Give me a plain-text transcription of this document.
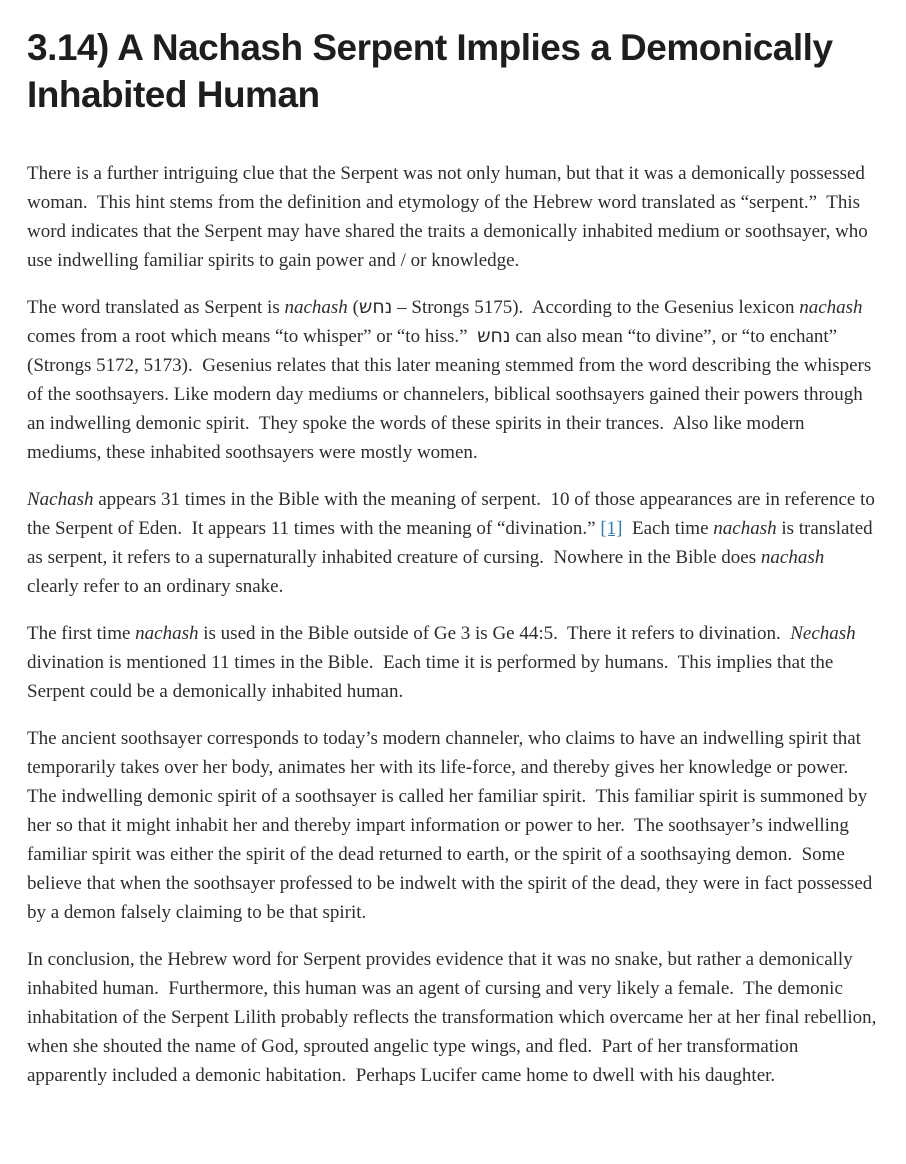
3.14) A Nachash Serpent Implies a Demonically Inhabited Human

There is a further intriguing clue that the Serpent was not only human, but that it was a demonically possessed woman.  This hint stems from the definition and etymology of the Hebrew word translated as “serpent.”  This word indicates that the Serpent may have shared the traits a demonically inhabited medium or soothsayer, who use indwelling familiar spirits to gain power and / or knowledge.

The word translated as Serpent is nachash (נחש – Strongs 5175).  According to the Gesenius lexicon nachash comes from a root which means “to whisper” or “to hiss.”  נחש can also mean “to divine”, or “to enchant” (Strongs 5172, 5173).  Gesenius relates that this later meaning stemmed from the word describing the whispers of the soothsayers. Like modern day mediums or channelers, biblical soothsayers gained their powers through an indwelling demonic spirit.  They spoke the words of these spirits in their trances.  Also like modern mediums, these inhabited soothsayers were mostly women.

Nachash appears 31 times in the Bible with the meaning of serpent.  10 of those appearances are in reference to the Serpent of Eden.  It appears 11 times with the meaning of “divination.” [1]  Each time nachash is translated as serpent, it refers to a supernaturally inhabited creature of cursing.  Nowhere in the Bible does nachash clearly refer to an ordinary snake.

The first time nachash is used in the Bible outside of Ge 3 is Ge 44:5.  There it refers to divination.  Nechash divination is mentioned 11 times in the Bible.  Each time it is performed by humans.  This implies that the Serpent could be a demonically inhabited human.

The ancient soothsayer corresponds to today’s modern channeler, who claims to have an indwelling spirit that temporarily takes over her body, animates her with its life-force, and thereby gives her knowledge or power.  The indwelling demonic spirit of a soothsayer is called her familiar spirit.  This familiar spirit is summoned by her so that it might inhabit her and thereby impart information or power to her.  The soothsayer’s indwelling familiar spirit was either the spirit of the dead returned to earth, or the spirit of a soothsaying demon.  Some believe that when the soothsayer professed to be indwelt with the spirit of the dead, they were in fact possessed by a demon falsely claiming to be that spirit.

In conclusion, the Hebrew word for Serpent provides evidence that it was no snake, but rather a demonically inhabited human.  Furthermore, this human was an agent of cursing and very likely a female.  The demonic inhabitation of the Serpent Lilith probably reflects the transformation which overcame her at her final rebellion, when she shouted the name of God, sprouted angelic type wings, and fled.  Part of her transformation apparently included a demonic habitation.  Perhaps Lucifer came home to dwell with his daughter.
